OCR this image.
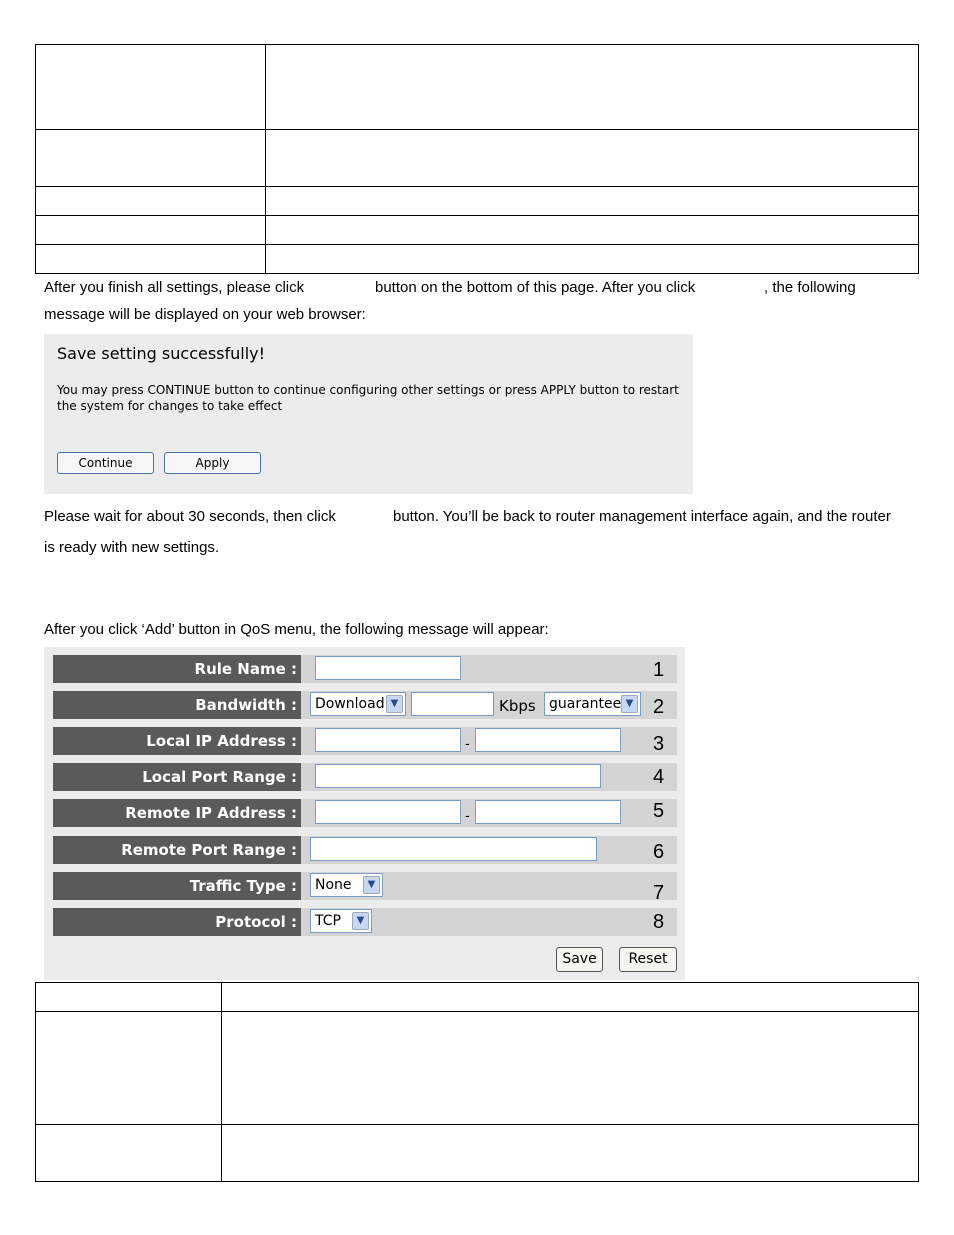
After you finish all settings, please click	button on the bottom of this page. After you click	, the following
message will be displayed on your web browser:
Save setting successfully!
You may press CONTINUE button to continue configuring other settings or press APPLY button to restart the system for changes to take effect
Continue	Apply
Please wait for about 30 seconds, then click	button. You’ll be back to router management interface again, and the router
is ready with new settings.
After you click ‘Add’ button in QoS menu, the following message will appear:
Rule Name :	1
Bandwidth :	Download ▼	Kbps guarantee ▼ 2
Local IP Address :	-	3
Local Port Range :	4
Remote IP Address :	-	5
Remote Port Range :	6
Traffic Type :	None	▼	7
Protocol :	TCP	▼	8
Save	Reset
